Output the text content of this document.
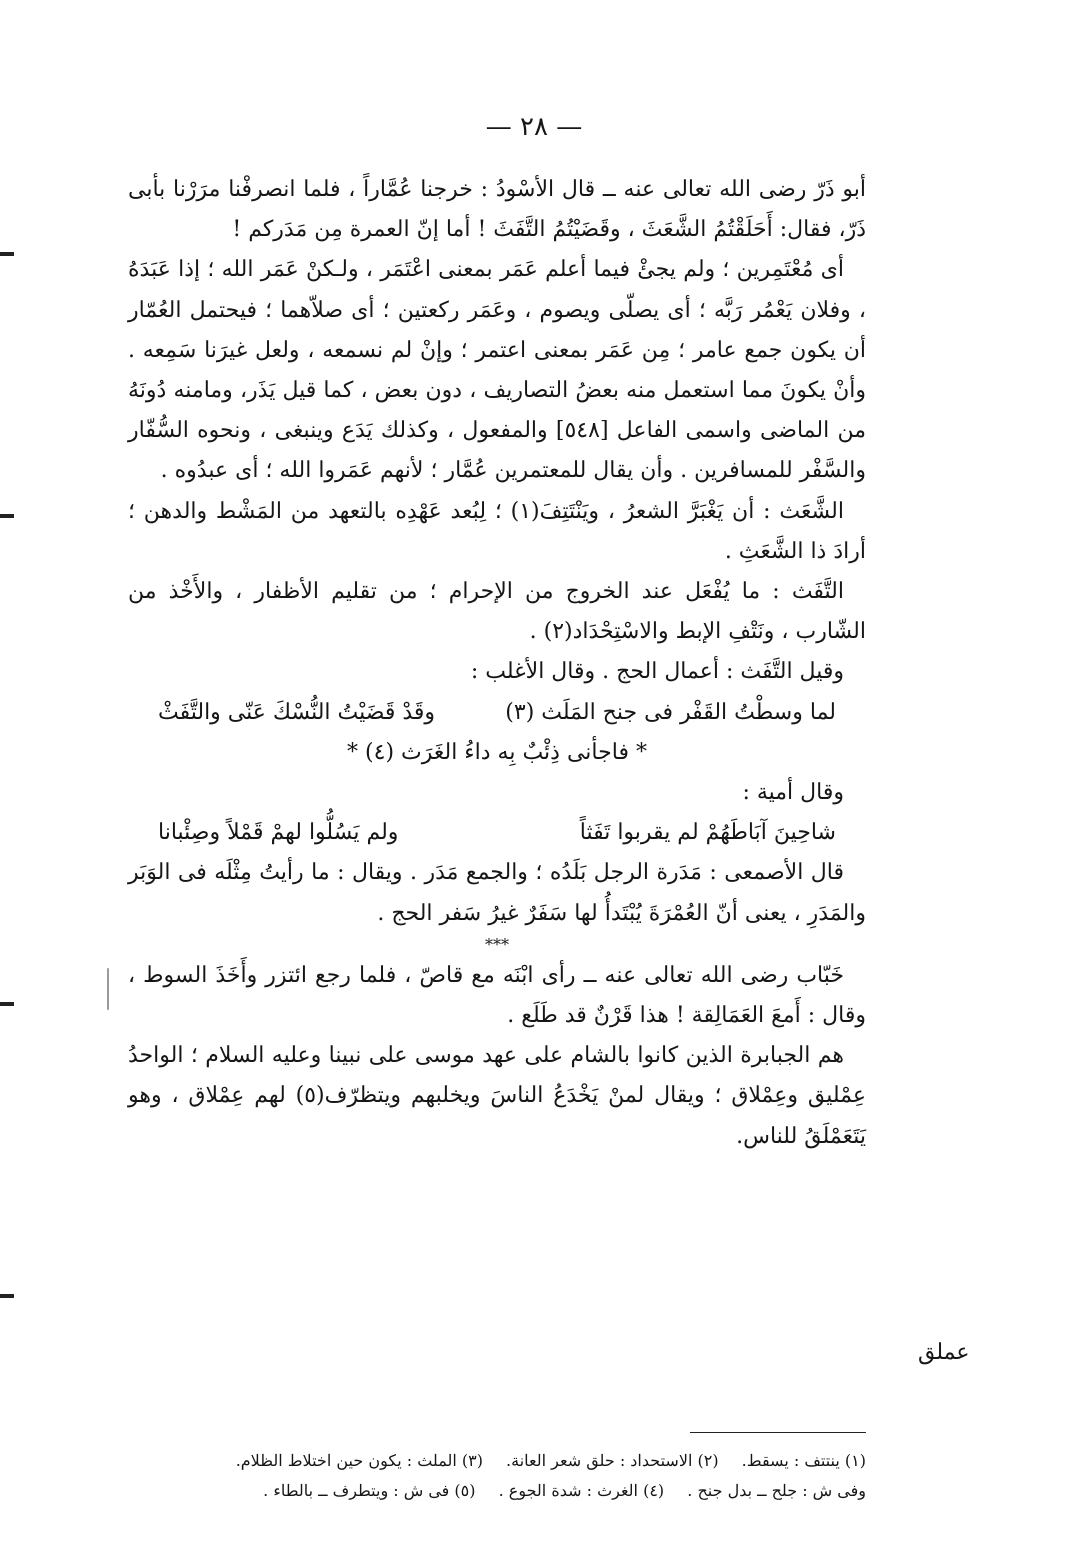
— ٢٨ —

أبو ذَرّ رضى الله تعالى عنه ــ قال الأسْودُ : خرجنا عُمَّاراً ، فلما انصرفْنا مرَرْنا بأبى ذَرّ، فقال: أَحَلَقْتُمُ الشَّعَثَ ، وقَضَيْتُمُ التَّفَثَ ! أما إنّ العمرة مِن مَدَركم !

أى مُعْتَمِرين ؛ ولم يجئْ فيما أعلم عَمَر بمعنى اعْتَمَر ، ولـكنْ عَمَر الله ؛ إذا عَبَدَهُ ، وفلان يَعْمُر رَبَّه ؛ أى يصلّى ويصوم ، وعَمَر ركعتين ؛ أى صلاّهما ؛ فيحتمل العُمّار أن يكون جمع عامر ؛ مِن عَمَر بمعنى اعتمر ؛ وإنْ لم نسمعه ، ولعل غيرَنا سَمِعه . وأنْ يكونَ مما استعمل منه بعضُ التصاريف ، دون بعض ، كما قيل يَذَر، ومامنه دُونَهُ من الماضى واسمى الفاعل [٥٤٨] والمفعول ، وكذلك يَدَع وينبغى ، ونحوه السُّفّار والسَّفْر للمسافرين . وأن يقال للمعتمرين عُمَّار ؛ لأنهم عَمَروا الله ؛ أى عبدُوه .

الشَّعَث : أن يَغْبَرَّ الشعرُ ، ويَنْتَتِفَ(١) ؛ لِبُعد عَهْدِه بالتعهد من المَشْط والدهن ؛ أرادَ ذا الشَّعَثِ .

التَّفَث : ما يُفْعَل عند الخروج من الإحرام ؛ من تقليم الأظفار ، والأَخْذ من الشّارب ، ونَتْفِ الإبط والاسْتِحْدَاد(٢) .

وقيل التَّفَث : أعمال الحج . وقال الأغلب :

لما وسطْتُ القَفْر فى جنح المَلَث (٣)
وقَدْ قَضَيْتُ النُّسْكَ عَنّى والتَّفَثْ

* فاجأنى ذِئْبٌ بِه داءُ الغَرَث (٤) *

وقال أمية :

شاحِينَ آبَاطَهُمْ لم يقربوا تَفَثاً
ولم يَسُلُّوا لهمْ قَمْلاً وصِئْبانا

قال الأصمعى : مَدَرة الرجل بَلَدُه ؛ والجمع مَدَر . ويقال : ما رأيتُ مِثْلَه فى الوَبَر والمَدَرِ ، يعنى أنّ العُمْرَةَ يُبْتَدأُ لها سَفَرٌ غيرُ سَفر الحج .

***

خَبّاب رضى الله تعالى عنه ــ رأى ابْنَه مع قاصّ ، فلما رجع ائتزر وأَخَذَ السوط ، وقال : أَمعَ العَمَالِقة ! هذا قَرْنٌ قد طَلَع .

هم الجبابرة الذين كانوا بالشام على عهد موسى على نبينا وعليه السلام ؛ الواحدُ عِمْليق وعِمْلاق ؛ ويقال لمنْ يَخْدَعُ الناسَ ويخلبهم ويتظرّف(٥) لهم عِمْلاق ، وهو يَتَعَمْلَقُ للناس.

عملق

(١) ينتتف : يسقط. (٢) الاستحداد : حلق شعر العانة. (٣) الملث : يكون حين اختلاط الظلام.

وفى ش : جلح ــ بدل جنح . (٤) الغرث : شدة الجوع . (٥) فى ش : ويتطرف ــ بالطاء .
